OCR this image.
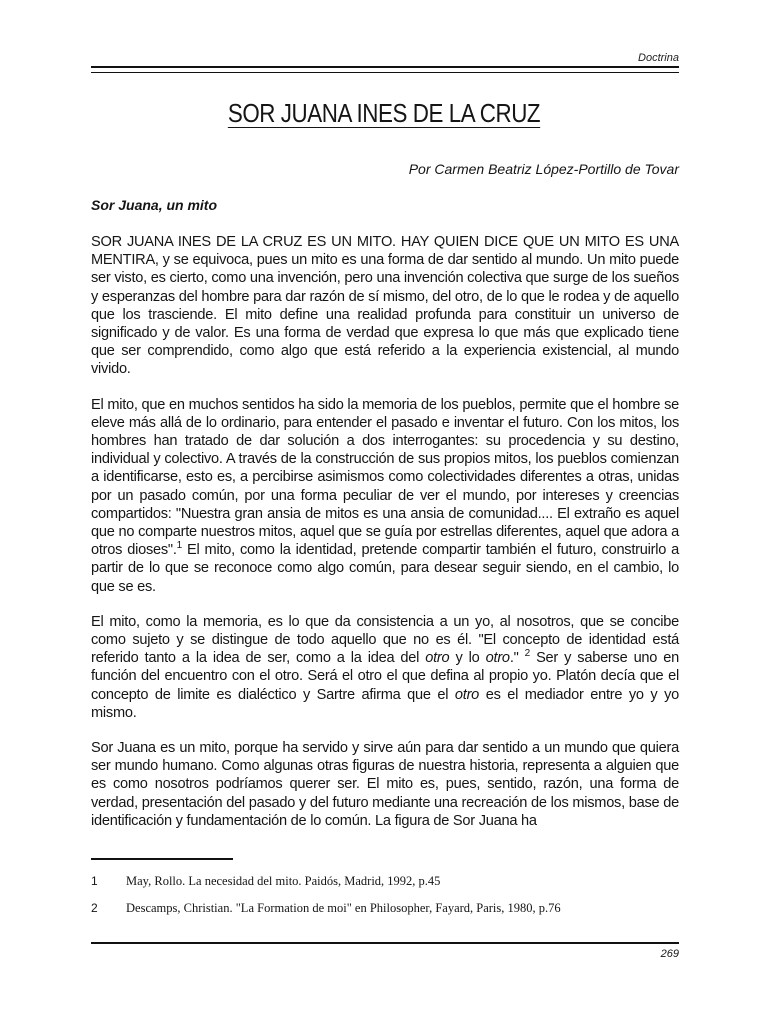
Doctrina
SOR JUANA INES DE LA CRUZ
Por Carmen Beatriz López-Portillo de Tovar
Sor Juana, un mito

SOR JUANA INES DE LA CRUZ ES UN MITO. HAY QUIEN DICE QUE UN MITO ES UNA MENTIRA, y se equivoca, pues un mito es una forma de dar sentido al mundo. Un mito puede ser visto, es cierto, como una invención, pero una invención colectiva que surge de los sueños y esperanzas del hombre para dar razón de sí mismo, del otro, de lo que le rodea y de aquello que los trasciende. El mito define una realidad profunda para constituir un universo de significado y de valor. Es una forma de verdad que expresa lo que más que explicado tiene que ser comprendido, como algo que está referido a la experiencia existencial, al mundo vivido.

El mito, que en muchos sentidos ha sido la memoria de los pueblos, permite que el hombre se eleve más allá de lo ordinario, para entender el pasado e inventar el futuro. Con los mitos, los hombres han tratado de dar solución a dos interrogantes: su procedencia y su destino, individual y colectivo. A través de la construcción de sus propios mitos, los pueblos comienzan a identificarse, esto es, a percibirse asimismos como colectividades diferentes a otras, unidas por un pasado común, por una forma peculiar de ver el mundo, por intereses y creencias compartidos: "Nuestra gran ansia de mitos es una ansia de comunidad.... El extraño es aquel que no comparte nuestros mitos, aquel que se guía por estrellas diferentes, aquel que adora a otros dioses".$^1$ El mito, como la identidad, pretende compartir también el futuro, construirlo a partir de lo que se reconoce como algo común, para desear seguir siendo, en el cambio, lo que se es.

El mito, como la memoria, es lo que da consistencia a un yo, al nosotros, que se concibe como sujeto y se distingue de todo aquello que no es él. "El concepto de identidad está referido tanto a la idea de ser, como a la idea del otro y lo otro." $^2$ Ser y saberse uno en función del encuentro con el otro. Será el otro el que defina al propio yo. Platón decía que el concepto de limite es dialéctico y Sartre afirma que el otro es el mediador entre yo y yo mismo.

Sor Juana es un mito, porque ha servido y sirve aún para dar sentido a un mundo que quiera ser mundo humano. Como algunas otras figuras de nuestra historia, representa a alguien que es como nosotros podríamos querer ser. El mito es, pues, sentido, razón, una forma de verdad, presentación del pasado y del futuro mediante una recreación de los mismos, base de identificación y fundamentación de lo común. La figura de Sor Juana ha

1	May, Rollo. La necesidad del mito. Paidós, Madrid, 1992, p.45
2	Descamps, Christian. "La Formation de moi" en Philosopher, Fayard, Paris, 1980, p.76
269
